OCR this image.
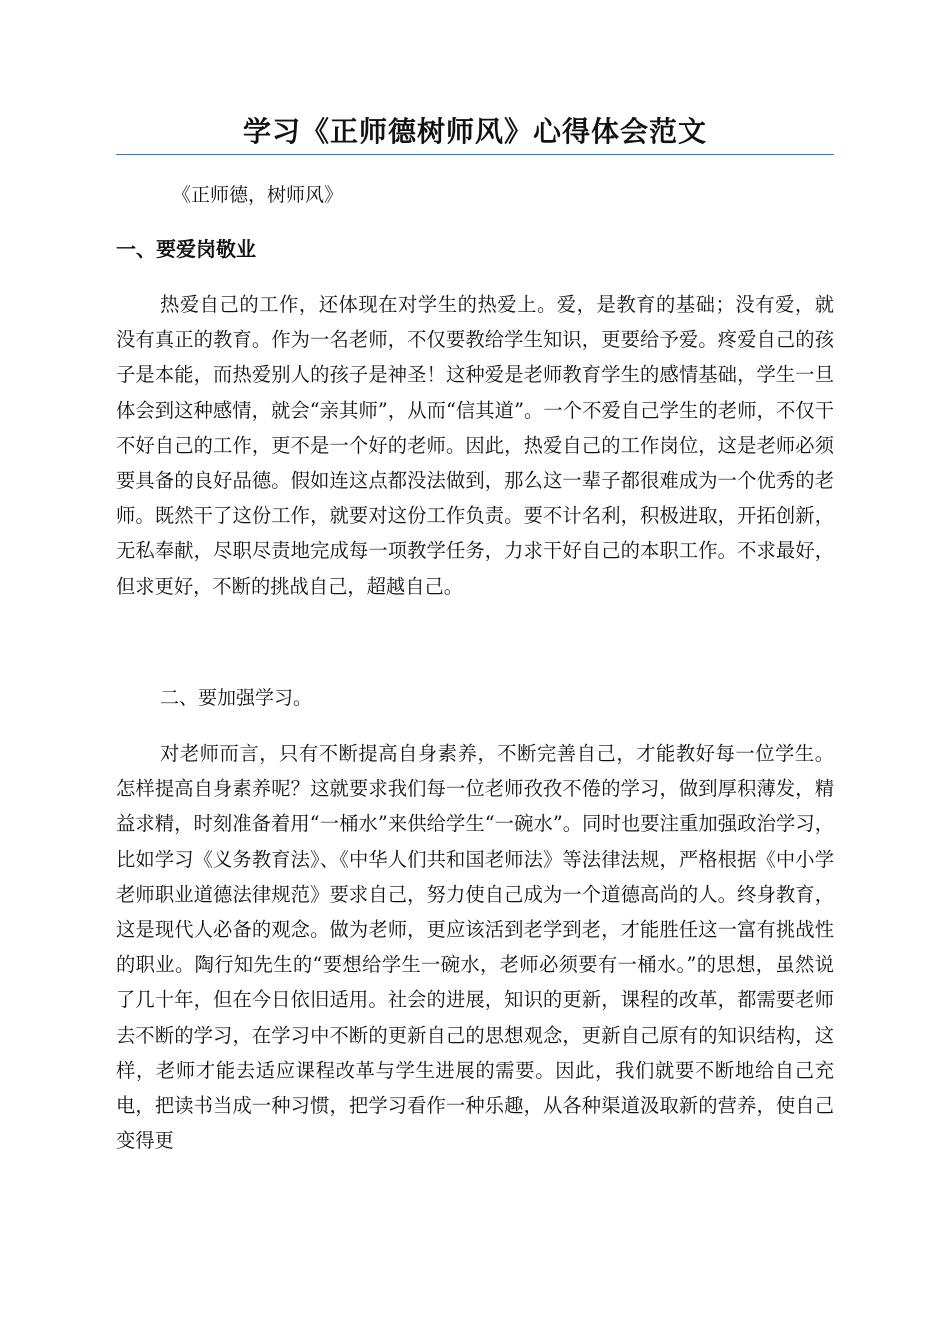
学习《正师德树师风》心得体会范文

《正师德，树师风》

一、要爱岗敬业

热爱自己的工作，还体现在对学生的热爱上。爱，是教育的基础；没有爱，就没有真正的教育。作为一名老师，不仅要教给学生知识，更要给予爱。疼爱自己的孩子是本能，而热爱别人的孩子是神圣！这种爱是老师教育学生的感情基础，学生一旦体会到这种感情，就会“亲其师”，从而“信其道”。一个不爱自己学生的老师，不仅干不好自己的工作，更不是一个好的老师。因此，热爱自己的工作岗位，这是老师必须要具备的良好品德。假如连这点都没法做到，那么这一辈子都很难成为一个优秀的老师。既然干了这份工作，就要对这份工作负责。要不计名利，积极进取，开拓创新，无私奉献，尽职尽责地完成每一项教学任务，力求干好自己的本职工作。不求最好，但求更好，不断的挑战自己，超越自己。

二、要加强学习。

对老师而言，只有不断提高自身素养，不断完善自己，才能教好每一位学生。怎样提高自身素养呢？这就要求我们每一位老师孜孜不倦的学习，做到厚积薄发，精益求精，时刻准备着用“一桶水”来供给学生“一碗水”。同时也要注重加强政治学习，比如学习《义务教育法》、《中华人们共和国老师法》等法律法规，严格根据《中小学老师职业道德法律规范》要求自己，努力使自己成为一个道德高尚的人。终身教育，这是现代人必备的观念。做为老师，更应该活到老学到老，才能胜任这一富有挑战性的职业。陶行知先生的“要想给学生一碗水，老师必须要有一桶水。”的思想，虽然说了几十年，但在今日依旧适用。社会的进展，知识的更新，课程的改革，都需要老师去不断的学习，在学习中不断的更新自己的思想观念，更新自己原有的知识结构，这样，老师才能去适应课程改革与学生进展的需要。因此，我们就要不断地给自己充电，把读书当成一种习惯，把学习看作一种乐趣，从各种渠道汲取新的营养，使自己变得更
